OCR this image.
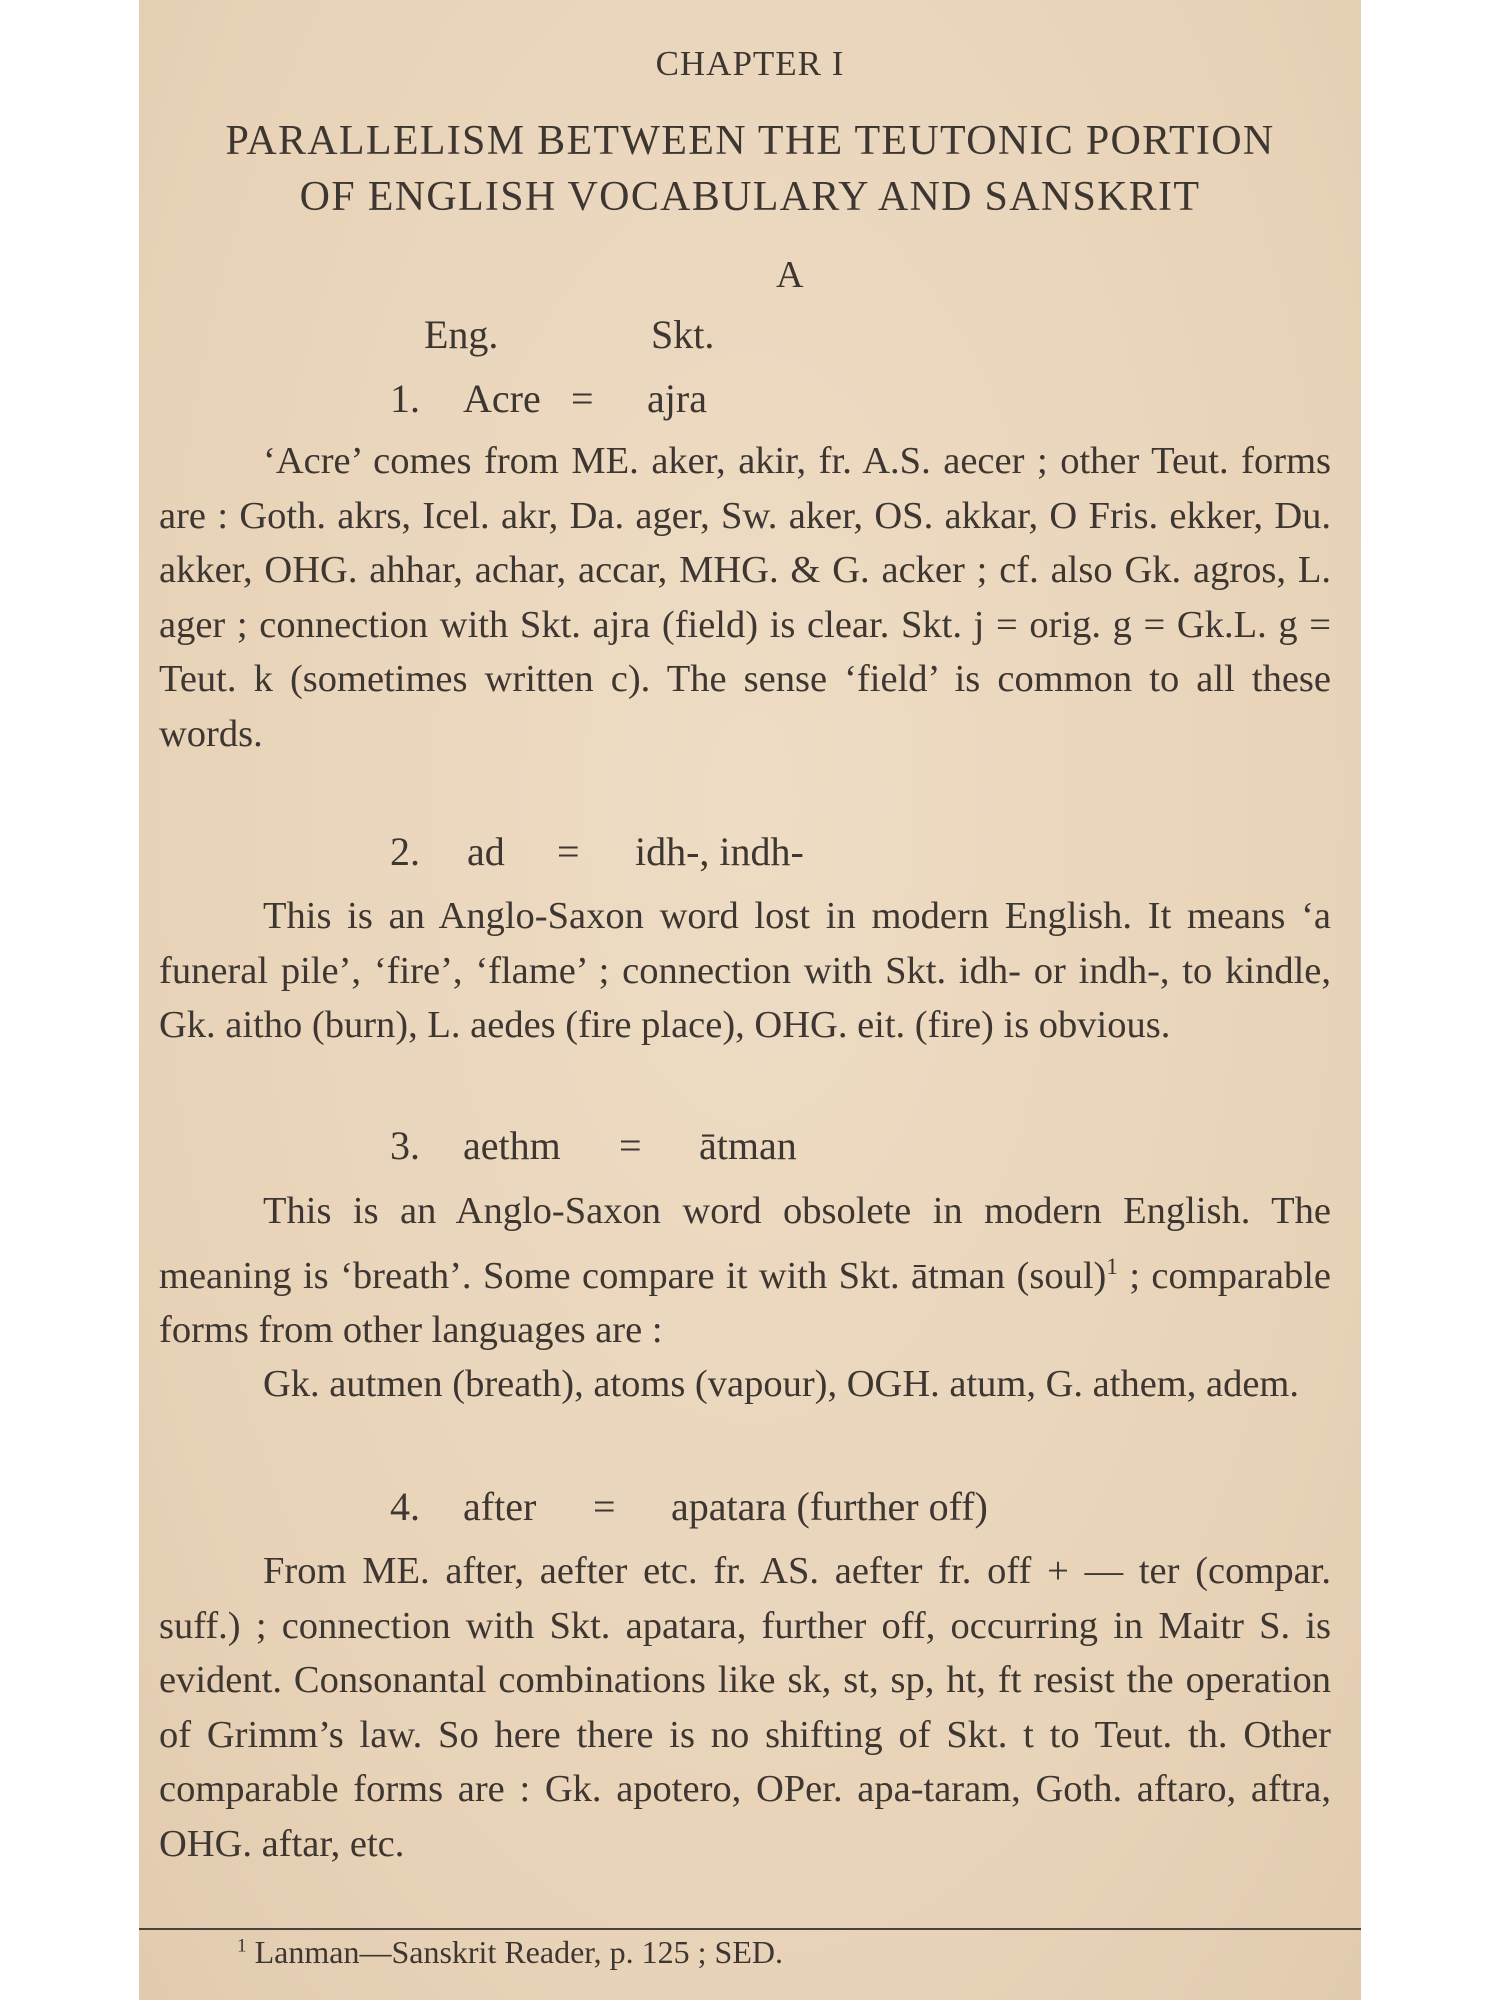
CHAPTER I
PARALLELISM BETWEEN THE TEUTONIC PORTION
OF ENGLISH VOCABULARY AND SANSKRIT
A
Eng.	Skt.
1. Acre = ajra

‘Acre’ comes from ME. aker, akir, fr. A.S. aecer ; other Teut. forms are : Goth. akrs, Icel. akr, Da. ager, Sw. aker, OS. akkar, O Fris. ekker, Du. akker, OHG. ahhar, achar, accar, MHG. & G. acker ; cf. also Gk. agros, L. ager ; connection with Skt. ajra (field) is clear. Skt. j = orig. g = Gk.L. g = Teut. k (sometimes written c). The sense ‘field’ is common to all these words.

2. ad = idh-, indh-

This is an Anglo-Saxon word lost in modern English. It means ‘a funeral pile’, ‘fire’, ‘flame’ ; connection with Skt. idh- or indh-, to kindle, Gk. aitho (burn), L. aedes (fire place), OHG. eit. (fire) is obvious.

3. aethm = ātman

This is an Anglo-Saxon word obsolete in modern English. The meaning is ‘breath’. Some compare it with Skt. ātman (soul)$^1$ ; comparable forms from other languages are :

Gk. autmen (breath), atoms (vapour), OGH. atum, G. athem, adem.

4. after = apatara (further off)

From ME. after, aefter etc. fr. AS. aefter fr. off + — ter (compar. suff.) ; connection with Skt. apatara, further off, occurring in Maitr S. is evident. Consonantal combinations like sk, st, sp, ht, ft resist the operation of Grimm’s law. So here there is no shifting of Skt. t to Teut. th. Other comparable forms are : Gk. apotero, OPer. apa-taram, Goth. aftaro, aftra, OHG. aftar, etc.

$^1$ Lanman—Sanskrit Reader, p. 125 ; SED.
